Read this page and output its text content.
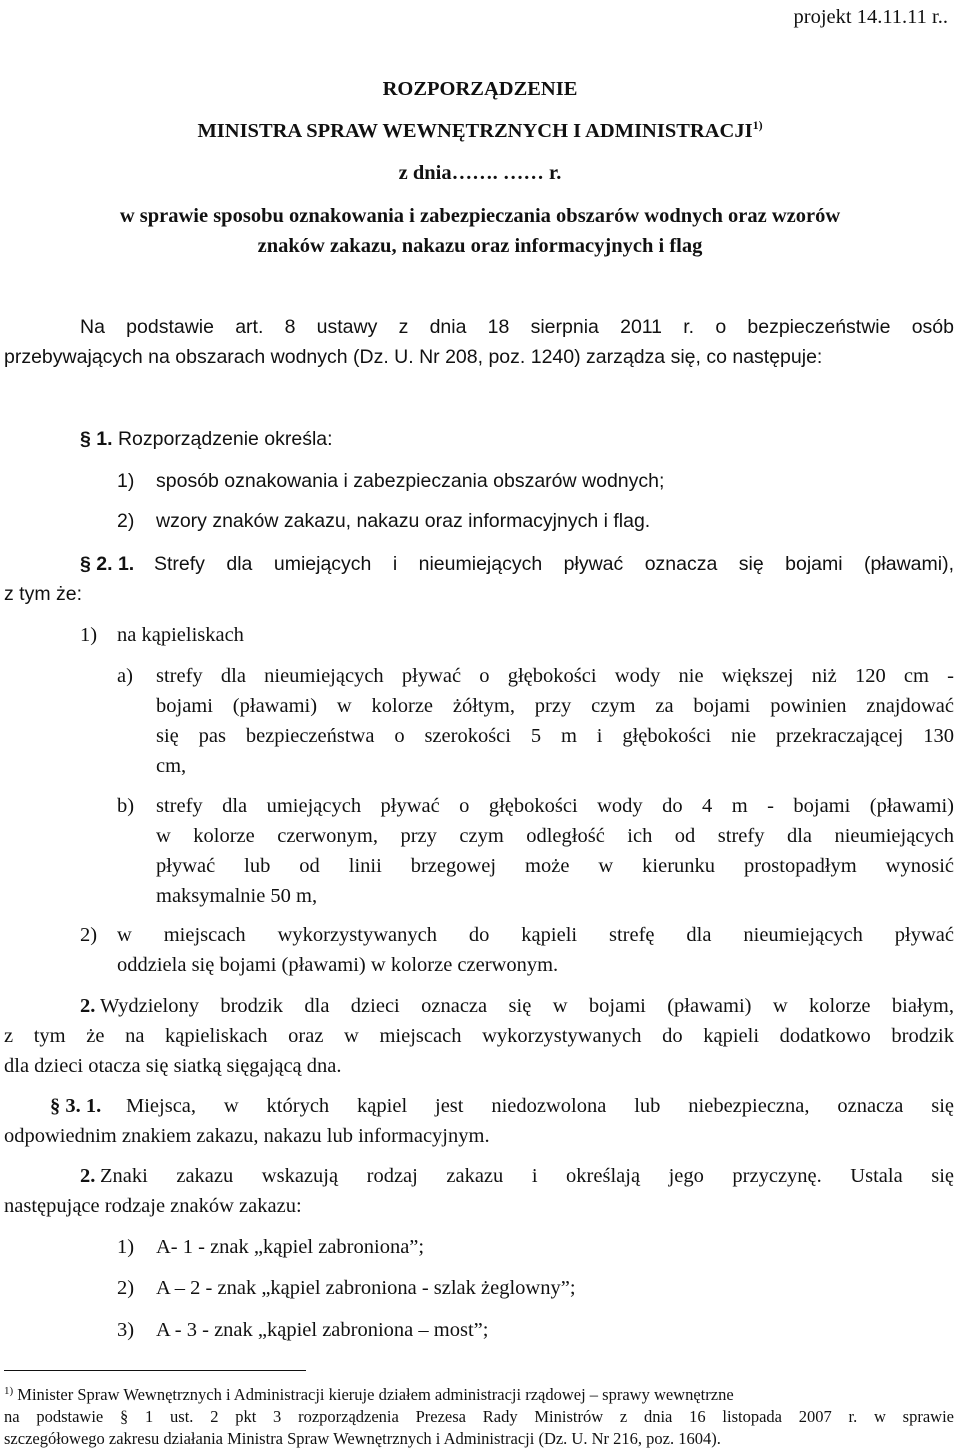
projekt 14.11.11 r..
ROZPORZĄDZENIE
MINISTRA SPRAW WEWNĘTRZNYCH I ADMINISTRACJI$^{1)}$
z dnia……. …… r.
w sprawie sposobu oznakowania i zabezpieczania obszarów wodnych oraz wzorów
znaków zakazu, nakazu oraz informacyjnych i flag
Na podstawie art. 8 ustawy z dnia 18 sierpnia 2011 r. o bezpieczeństwie osób
przebywających na obszarach wodnych (Dz. U. Nr 208, poz. 1240) zarządza się, co następuje:
§ 1. Rozporządzenie określa:
1) sposób oznakowania i zabezpieczania obszarów wodnych;
2) wzory znaków zakazu, nakazu oraz informacyjnych i flag.
§ 2. 1. Strefy dla umiejących i nieumiejących pływać oznacza się bojami (pławami),
z tym że:
1) na kąpieliskach
a) strefy dla nieumiejących pływać o głębokości wody nie większej niż 120 cm -
bojami (pławami) w kolorze żółtym, przy czym za bojami powinien znajdować
się pas bezpieczeństwa o szerokości 5 m i głębokości nie przekraczającej 130
cm,
b) strefy dla umiejących pływać o głębokości wody do 4 m - bojami (pławami)
w kolorze czerwonym, przy czym odległość ich od strefy dla nieumiejących
pływać lub od linii brzegowej może w kierunku prostopadłym wynosić
maksymalnie 50 m,
2) w miejscach wykorzystywanych do kąpieli strefę dla nieumiejących pływać
oddziela się bojami (pławami) w kolorze czerwonym.
2. Wydzielony brodzik dla dzieci oznacza się w bojami (pławami) w kolorze białym,
z tym że na kąpieliskach oraz w miejscach wykorzystywanych do kąpieli dodatkowo brodzik
dla dzieci otacza się siatką sięgającą dna.
§ 3. 1. Miejsca, w których kąpiel jest niedozwolona lub niebezpieczna, oznacza się
odpowiednim znakiem zakazu, nakazu lub informacyjnym.
2. Znaki zakazu wskazują rodzaj zakazu i określają jego przyczynę. Ustala się
następujące rodzaje znaków zakazu:
1) A- 1 - znak „kąpiel zabroniona”;
2) A – 2 - znak „kąpiel zabroniona - szlak żeglowny”;
3) A - 3 - znak „kąpiel zabroniona – most”;
$^{1)}$ Minister Spraw Wewnętrznych i Administracji kieruje działem administracji rządowej – sprawy wewnętrzne
na podstawie § 1 ust. 2 pkt 3 rozporządzenia Prezesa Rady Ministrów z dnia 16 listopada 2007 r. w sprawie
szczegółowego zakresu działania Ministra Spraw Wewnętrznych i Administracji (Dz. U. Nr 216, poz. 1604).
